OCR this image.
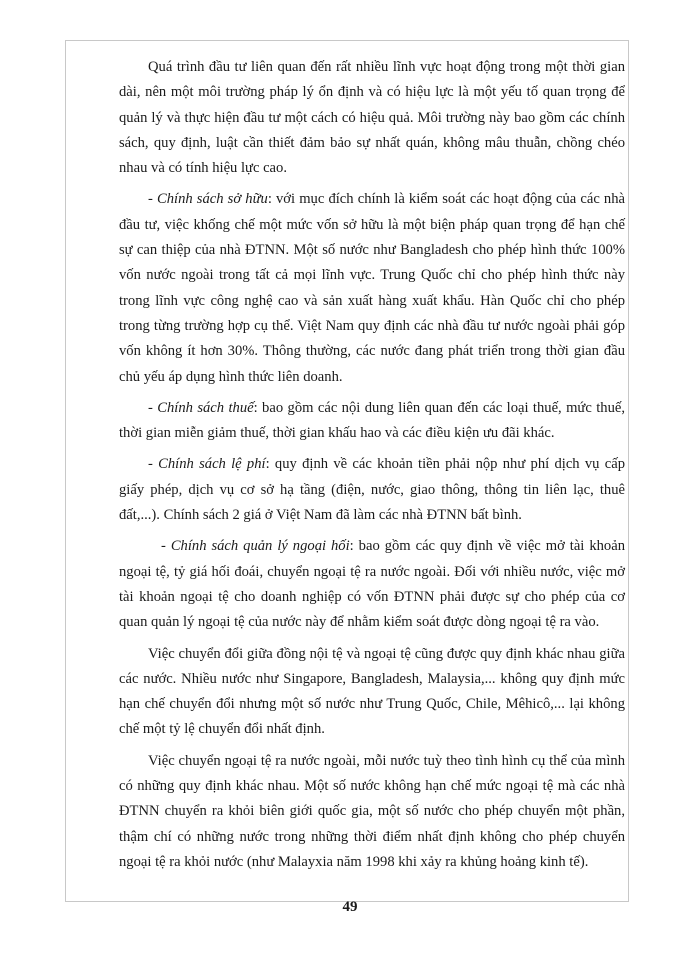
Quá trình đầu tư liên quan đến rất nhiều lĩnh vực hoạt động trong một thời gian dài, nên một môi trường pháp lý ổn định và có hiệu lực là một yếu tố quan trọng để quản lý và thực hiện đầu tư một cách có hiệu quả. Môi trường này bao gồm các chính sách, quy định, luật cần thiết đảm bảo sự nhất quán, không mâu thuẫn, chồng chéo nhau và có tính hiệu lực cao.

- Chính sách sở hữu: với mục đích chính là kiểm soát các hoạt động của các nhà đầu tư, việc khống chế một mức vốn sở hữu là một biện pháp quan trọng để hạn chế sự can thiệp của nhà ĐTNN. Một số nước như Bangladesh cho phép hình thức 100% vốn nước ngoài trong tất cả mọi lĩnh vực. Trung Quốc chỉ cho phép hình thức này trong lĩnh vực công nghệ cao và sản xuất hàng xuất khẩu. Hàn Quốc chỉ cho phép trong từng trường hợp cụ thể. Việt Nam quy định các nhà đầu tư nước ngoài phải góp vốn không ít hơn 30%. Thông thường, các nước đang phát triển trong thời gian đầu chủ yếu áp dụng hình thức liên doanh.

- Chính sách thuế: bao gồm các nội dung liên quan đến các loại thuế, mức thuế, thời gian miễn giảm thuế, thời gian khấu hao và các điều kiện ưu đãi khác.

- Chính sách lệ phí: quy định về các khoản tiền phải nộp như phí dịch vụ cấp giấy phép, dịch vụ cơ sở hạ tầng (điện, nước, giao thông, thông tin liên lạc, thuê đất,...). Chính sách 2 giá ở Việt Nam đã làm các nhà ĐTNN bất bình.

- Chính sách quản lý ngoại hối: bao gồm các quy định về việc mở tài khoản ngoại tệ, tỷ giá hối đoái, chuyển ngoại tệ ra nước ngoài. Đối với nhiều nước, việc mở tài khoản ngoại tệ cho doanh nghiệp có vốn ĐTNN phải được sự cho phép của cơ quan quản lý ngoại tệ của nước này để nhằm kiểm soát được dòng ngoại tệ ra vào.

Việc chuyển đổi giữa đồng nội tệ và ngoại tệ cũng được quy định khác nhau giữa các nước. Nhiều nước như Singapore, Bangladesh, Malaysia,... không quy định mức hạn chế chuyển đổi nhưng một số nước như Trung Quốc, Chile, Mêhicô,... lại không chế một tỷ lệ chuyển đổi nhất định.

Việc chuyển ngoại tệ ra nước ngoài, mỗi nước tuỳ theo tình hình cụ thể của mình có những quy định khác nhau. Một số nước không hạn chế mức ngoại tệ mà các nhà ĐTNN chuyển ra khỏi biên giới quốc gia, một số nước cho phép chuyển một phần, thậm chí có những nước trong những thời điểm nhất định không cho phép chuyển ngoại tệ ra khỏi nước (như Malayxia năm 1998 khi xảy ra khủng hoảng kinh tế).

49
